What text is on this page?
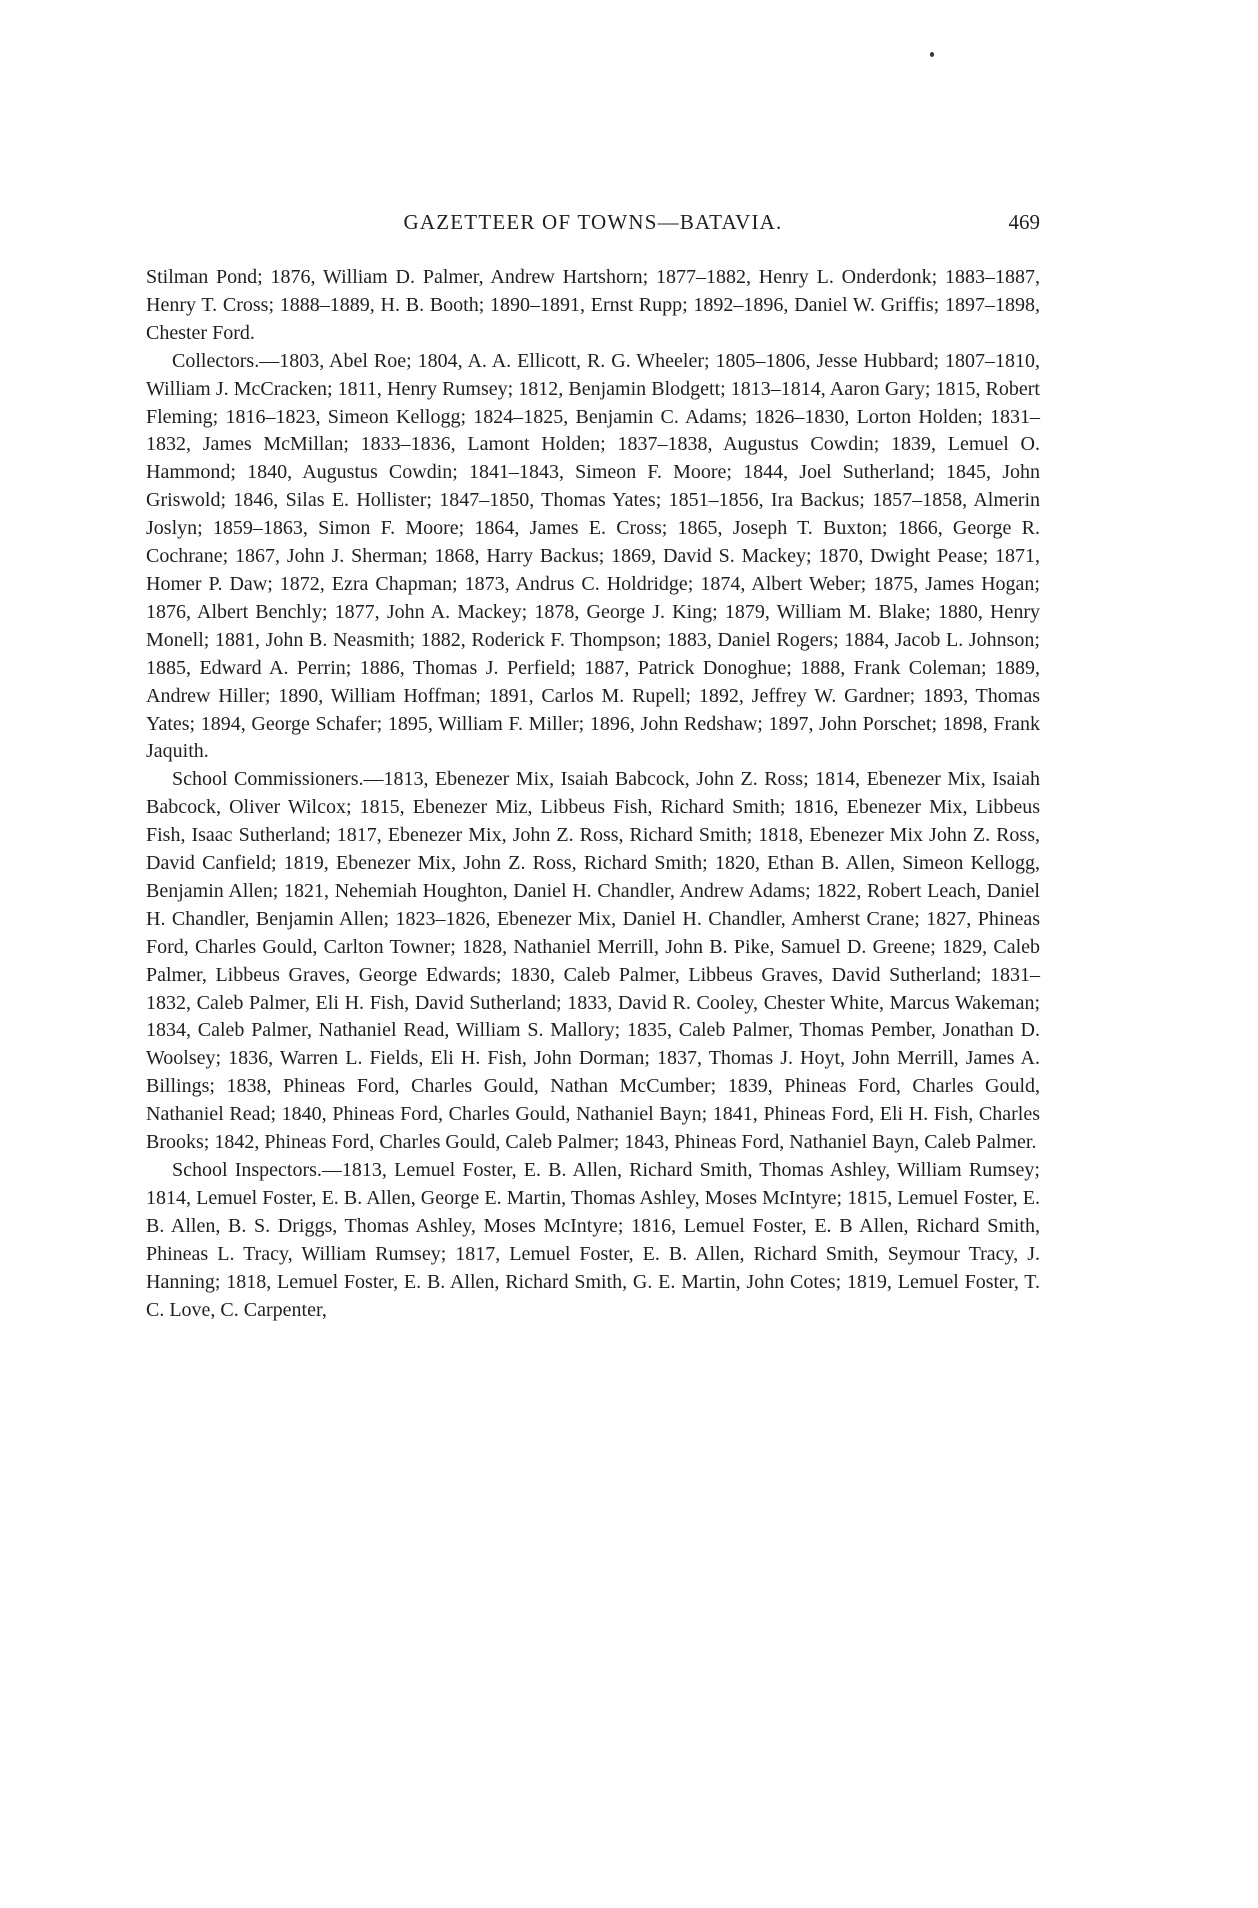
GAZETTEER OF TOWNS—BATAVIA.	469

Stilman Pond; 1876, William D. Palmer, Andrew Hartshorn; 1877–1882, Henry L. Onderdonk; 1883–1887, Henry T. Cross; 1888–1889, H. B. Booth; 1890–1891, Ernst Rupp; 1892–1896, Daniel W. Griffis; 1897–1898, Chester Ford.

Collectors.—1803, Abel Roe; 1804, A. A. Ellicott, R. G. Wheeler; 1805–1806, Jesse Hubbard; 1807–1810, William J. McCracken; 1811, Henry Rumsey; 1812, Benjamin Blodgett; 1813–1814, Aaron Gary; 1815, Robert Fleming; 1816–1823, Simeon Kellogg; 1824–1825, Benjamin C. Adams; 1826–1830, Lorton Holden; 1831–1832, James McMillan; 1833–1836, Lamont Holden; 1837–1838, Augustus Cowdin; 1839, Lemuel O. Hammond; 1840, Augustus Cowdin; 1841–1843, Simeon F. Moore; 1844, Joel Sutherland; 1845, John Griswold; 1846, Silas E. Hollister; 1847–1850, Thomas Yates; 1851–1856, Ira Backus; 1857–1858, Almerin Joslyn; 1859–1863, Simon F. Moore; 1864, James E. Cross; 1865, Joseph T. Buxton; 1866, George R. Cochrane; 1867, John J. Sherman; 1868, Harry Backus; 1869, David S. Mackey; 1870, Dwight Pease; 1871, Homer P. Daw; 1872, Ezra Chapman; 1873, Andrus C. Holdridge; 1874, Albert Weber; 1875, James Hogan; 1876, Albert Benchly; 1877, John A. Mackey; 1878, George J. King; 1879, William M. Blake; 1880, Henry Monell; 1881, John B. Neasmith; 1882, Roderick F. Thompson; 1883, Daniel Rogers; 1884, Jacob L. Johnson; 1885, Edward A. Perrin; 1886, Thomas J. Perfield; 1887, Patrick Donoghue; 1888, Frank Coleman; 1889, Andrew Hiller; 1890, William Hoffman; 1891, Carlos M. Rupell; 1892, Jeffrey W. Gardner; 1893, Thomas Yates; 1894, George Schafer; 1895, William F. Miller; 1896, John Redshaw; 1897, John Porschet; 1898, Frank Jaquith.

School Commissioners.—1813, Ebenezer Mix, Isaiah Babcock, John Z. Ross; 1814, Ebenezer Mix, Isaiah Babcock, Oliver Wilcox; 1815, Ebenezer Miz, Libbeus Fish, Richard Smith; 1816, Ebenezer Mix, Libbeus Fish, Isaac Sutherland; 1817, Ebenezer Mix, John Z. Ross, Richard Smith; 1818, Ebenezer Mix John Z. Ross, David Canfield; 1819, Ebenezer Mix, John Z. Ross, Richard Smith; 1820, Ethan B. Allen, Simeon Kellogg, Benjamin Allen; 1821, Nehemiah Houghton, Daniel H. Chandler, Andrew Adams; 1822, Robert Leach, Daniel H. Chandler, Benjamin Allen; 1823–1826, Ebenezer Mix, Daniel H. Chandler, Amherst Crane; 1827, Phineas Ford, Charles Gould, Carlton Towner; 1828, Nathaniel Merrill, John B. Pike, Samuel D. Greene; 1829, Caleb Palmer, Libbeus Graves, George Edwards; 1830, Caleb Palmer, Libbeus Graves, David Sutherland; 1831–1832, Caleb Palmer, Eli H. Fish, David Sutherland; 1833, David R. Cooley, Chester White, Marcus Wakeman; 1834, Caleb Palmer, Nathaniel Read, William S. Mallory; 1835, Caleb Palmer, Thomas Pember, Jonathan D. Woolsey; 1836, Warren L. Fields, Eli H. Fish, John Dorman; 1837, Thomas J. Hoyt, John Merrill, James A. Billings; 1838, Phineas Ford, Charles Gould, Nathan McCumber; 1839, Phineas Ford, Charles Gould, Nathaniel Read; 1840, Phineas Ford, Charles Gould, Nathaniel Bayn; 1841, Phineas Ford, Eli H. Fish, Charles Brooks; 1842, Phineas Ford, Charles Gould, Caleb Palmer; 1843, Phineas Ford, Nathaniel Bayn, Caleb Palmer.

School Inspectors.—1813, Lemuel Foster, E. B. Allen, Richard Smith, Thomas Ashley, William Rumsey; 1814, Lemuel Foster, E. B. Allen, George E. Martin, Thomas Ashley, Moses McIntyre; 1815, Lemuel Foster, E. B. Allen, B. S. Driggs, Thomas Ashley, Moses McIntyre; 1816, Lemuel Foster, E. B Allen, Richard Smith, Phineas L. Tracy, William Rumsey; 1817, Lemuel Foster, E. B. Allen, Richard Smith, Seymour Tracy, J. Hanning; 1818, Lemuel Foster, E. B. Allen, Richard Smith, G. E. Martin, John Cotes; 1819, Lemuel Foster, T. C. Love, C. Carpenter,
